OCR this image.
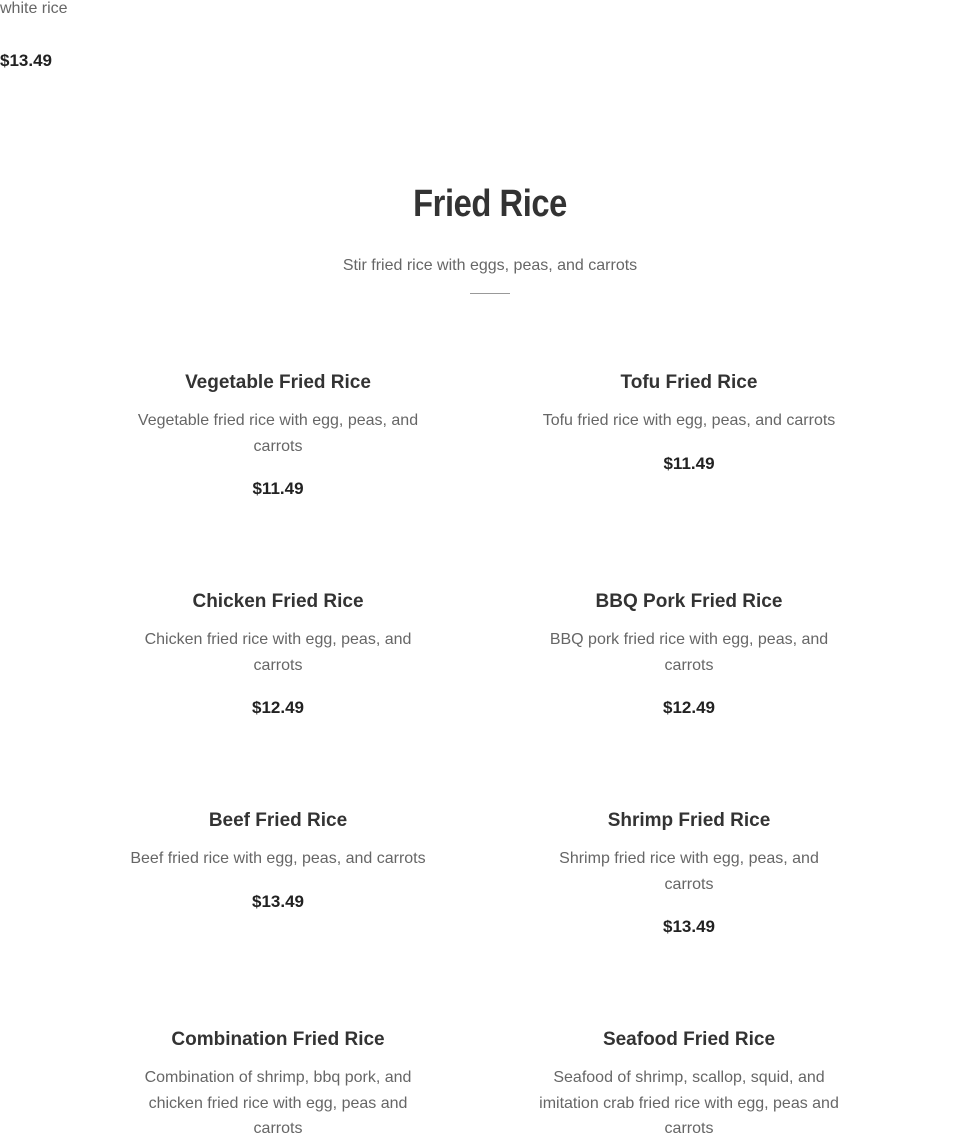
white rice
$13.49
Fried Rice

Stir fried rice with eggs, peas, and carrots

Vegetable Fried Rice
Vegetable fried rice with egg, peas, and carrots
$11.49
Tofu Fried Rice
Tofu fried rice with egg, peas, and carrots
$11.49
Chicken Fried Rice
Chicken fried rice with egg, peas, and carrots
$12.49
BBQ Pork Fried Rice
BBQ pork fried rice with egg, peas, and carrots
$12.49
Beef Fried Rice
Beef fried rice with egg, peas, and carrots
$13.49
Shrimp Fried Rice
Shrimp fried rice with egg, peas, and carrots
$13.49
Combination Fried Rice
Combination of shrimp, bbq pork, and chicken fried rice with egg, peas and carrots
Seafood Fried Rice
Seafood of shrimp, scallop, squid, and imitation crab fried rice with egg, peas and carrots
